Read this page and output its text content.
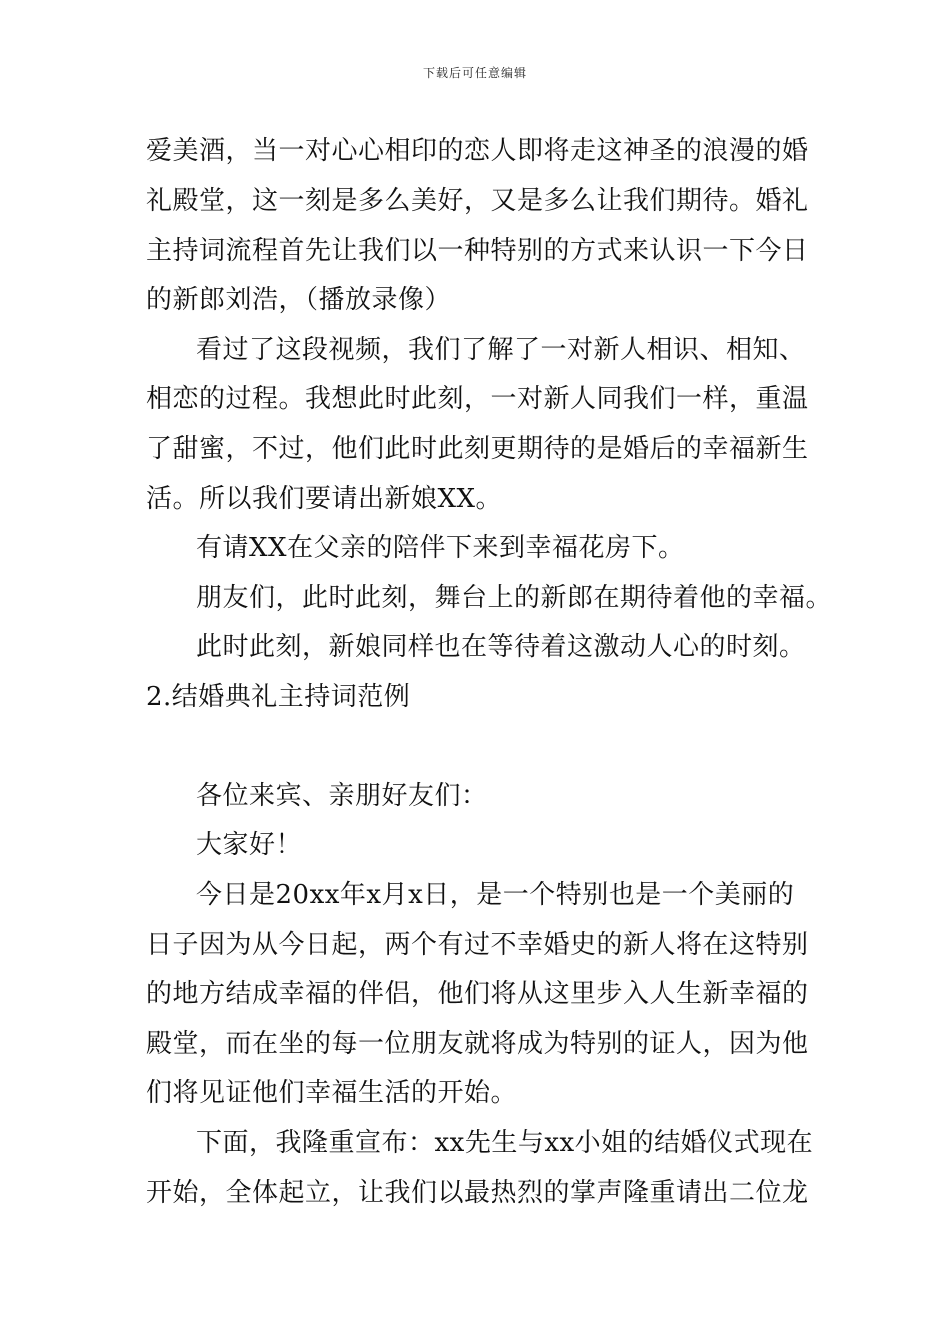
下载后可任意编辑
爱美酒，当一对心心相印的恋人即将走这神圣的浪漫的婚
礼殿堂，这一刻是多么美好，又是多么让我们期待。婚礼
主持词流程首先让我们以一种特别的方式来认识一下今日
的新郎刘浩，（播放录像）
看过了这段视频，我们了解了一对新人相识、相知、
相恋的过程。我想此时此刻，一对新人同我们一样，重温
了甜蜜，不过，他们此时此刻更期待的是婚后的幸福新生
活。所以我们要请出新娘XX。
有请XX在父亲的陪伴下来到幸福花房下。
朋友们，此时此刻，舞台上的新郎在期待着他的幸福。
此时此刻，新娘同样也在等待着这激动人心的时刻。
2.结婚典礼主持词范例
各位来宾、亲朋好友们：
大家好！
今日是20xx年x月x日，是一个特别也是一个美丽的
日子因为从今日起，两个有过不幸婚史的新人将在这特别
的地方结成幸福的伴侣，他们将从这里步入人生新幸福的
殿堂，而在坐的每一位朋友就将成为特别的证人，因为他
们将见证他们幸福生活的开始。
下面，我隆重宣布：xx先生与xx小姐的结婚仪式现在
开始，全体起立，让我们以最热烈的掌声隆重请出二位龙
